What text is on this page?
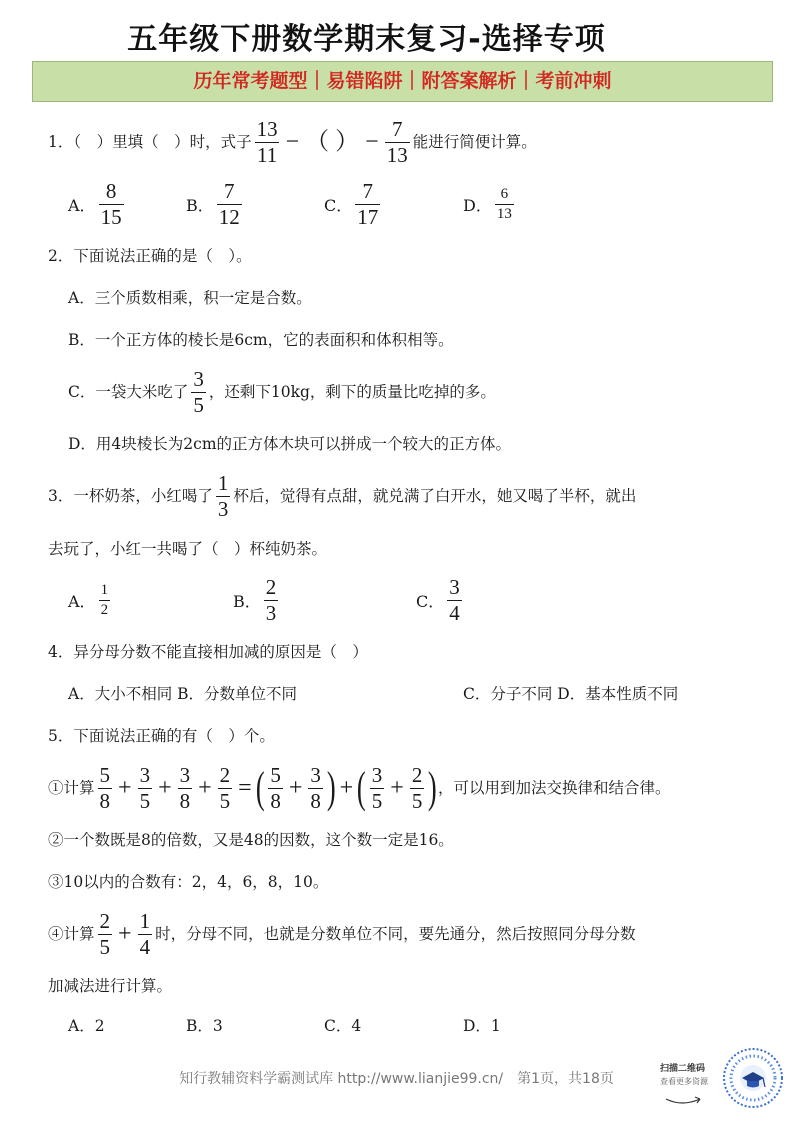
五年级下册数学期末复习-选择专项
历年常考题型｜易错陷阱｜附答案解析｜考前冲刺
1．（　）里填（　）时，式子 $\frac{13}{11}$ − （ ） − $\frac{7}{13}$ 能进行简便计算。
A． $\frac{8}{15}$	B． $\frac{7}{12}$	C． $\frac{7}{17}$	D． $\frac{6}{13}$
2．下面说法正确的是（　）。
A．三个质数相乘，积一定是合数。
B．一个正方体的棱长是6cm，它的表面积和体积相等。
C．一袋大米吃了 $\frac{3}{5}$ ，还剩下10kg，剩下的质量比吃掉的多。
D．用4块棱长为2cm的正方体木块可以拼成一个较大的正方体。
3．一杯奶茶，小红喝了 $\frac{1}{3}$ 杯后，觉得有点甜，就兑满了白开水，她又喝了半杯，就出
去玩了，小红一共喝了（　）杯纯奶茶。
A． $\frac{1}{2}$	B． $\frac{2}{3}$	C． $\frac{3}{4}$
4．异分母分数不能直接相加减的原因是（　）
A．大小不相同 B．分数单位不同	C．分子不同 D．基本性质不同
5．下面说法正确的有（　）个。
①计算 $\frac{5}{8} + \frac{3}{5} + \frac{3}{8} + \frac{2}{5}$ = ( $\frac{5}{8} + \frac{3}{8}$ ) + ( $\frac{3}{5} + \frac{2}{5}$ ) ，可以用到加法交换律和结合律。
②一个数既是8的倍数，又是48的因数，这个数一定是16。
③10以内的合数有：2，4，6，8，10。
④计算 $\frac{2}{5} + \frac{1}{4}$ 时，分母不同，也就是分数单位不同，要先通分，然后按照同分母分数
加减法进行计算。
A．2	B．3	C．4	D．1
知行教辅资料学霸测试库 http://www.lianjie99.cn/　第1页，共18页
扫描二维码
查看更多资源
